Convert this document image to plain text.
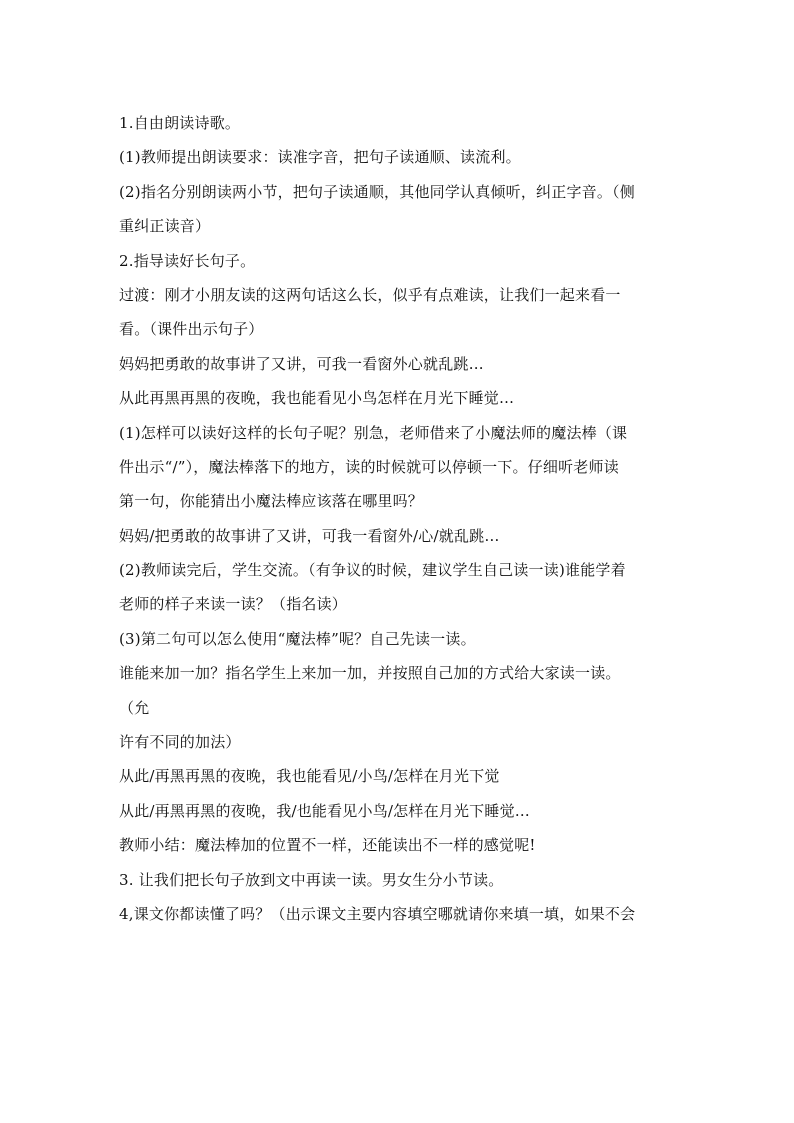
1.自由朗读诗歌。
(1)教师提出朗读要求：读准字音，把句子读通顺、读流利。
(2)指名分别朗读两小节，把句子读通顺，其他同学认真倾听，纠正字音。（侧
重纠正读音）
2.指导读好长句子。
过渡：刚才小朋友读的这两句话这么长，似乎有点难读，让我们一起来看一
看。（课件出示句子）
妈妈把勇敢的故事讲了又讲，可我一看窗外心就乱跳…
从此再黑再黑的夜晚，我也能看见小鸟怎样在月光下睡觉…
(1)怎样可以读好这样的长句子呢？别急，老师借来了小魔法师的魔法棒（课
件出示“/”），魔法棒落下的地方，读的时候就可以停顿一下。仔细听老师读
第一句，你能猜出小魔法棒应该落在哪里吗？
妈妈/把勇敢的故事讲了又讲，可我一看窗外/心/就乱跳…
(2)教师读完后，学生交流。（有争议的时候，建议学生自己读一读)谁能学着
老师的样子来读一读？（指名读）
(3)第二句可以怎么使用“魔法棒”呢？自己先读一读。
谁能来加一加？指名学生上来加一加，并按照自己加的方式给大家读一读。
（允
许有不同的加法）
从此/再黑再黑的夜晚，我也能看见/小鸟/怎样在月光下觉
从此/再黑再黑的夜晚，我/也能看见小鸟/怎样在月光下睡觉…
教师小结：魔法棒加的位置不一样，还能读出不一样的感觉呢!
3. 让我们把长句子放到文中再读一读。男女生分小节读。
4,课文你都读懂了吗？（出示课文主要内容填空哪就请你来填一填，如果不会
